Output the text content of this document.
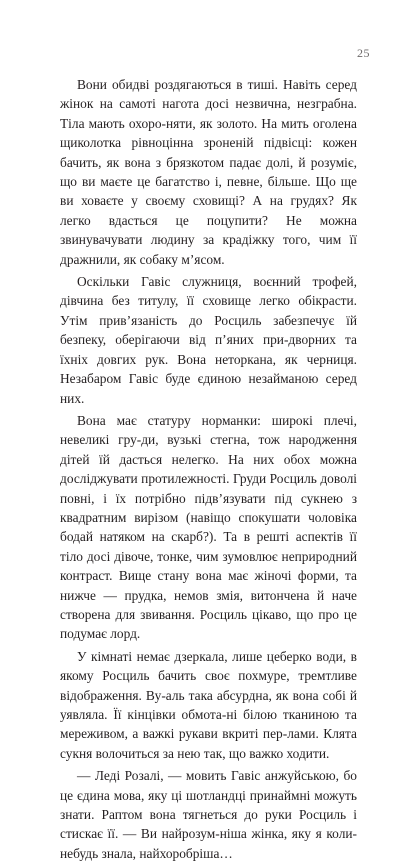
25

Вони обидві роздягаються в тиші. Навіть серед жінок на самоті нагота досі незвична, незграбна. Тіла мають охоро-няти, як золото. На мить оголена щиколотка рівноцінна зроненій підвісці: кожен бачить, як вона з брязкотом падає долі, й розуміє, що ви маєте це багатство і, певне, більше. Що ще ви ховаєте у своєму сховищі? А на грудях? Як легко вдасться це поцупити? Не можна звинувачувати людину за крадіжку того, чим її дражнили, як собаку м’ясом.

Оскільки Гавіс служниця, воєнний трофей, дівчина без титулу, її сховище легко обікрасти. Утім прив’язаність до Росциль забезпечує їй безпеку, оберігаючи від п’яних при-дворних та їхніх довгих рук. Вона неторкана, як черниця. Незабаром Гавіс буде єдиною незайманою серед них.

Вона має статуру норманки: широкі плечі, невеликі гру-ди, вузькі стегна, тож народження дітей їй дасться нелегко. На них обох можна досліджувати протилежності. Груди Росциль доволі повні, і їх потрібно підв’язувати під сукнею з квадратним вирізом (навіщо спокушати чоловіка бодай натяком на скарб?). Та в решті аспектів її тіло досі дівоче, тонке, чим зумовлює неприродний контраст. Вище стану вона має жіночі форми, та нижче — прудка, немов змія, витончена й наче створена для звивання. Росциль цікаво, що про це подумає лорд.

У кімнаті немає дзеркала, лише цеберко води, в якому Росциль бачить своє похмуре, тремтливе відображення. Ву-аль така абсурдна, як вона собі й уявляла. Її кінцівки обмота-ні білою тканиною та мереживом, а важкі рукави вкриті пер-лами. Клята сукня волочиться за нею так, що важко ходити.

— Леді Розалі, — мовить Гавіс анжуйською, бо це єдина мова, яку ці шотландці принаймні можуть знати. Раптом вона тягнеться до руки Росциль і стискає її. — Ви найрозум-ніша жінка, яку я коли-небудь знала, найхоробріша…
